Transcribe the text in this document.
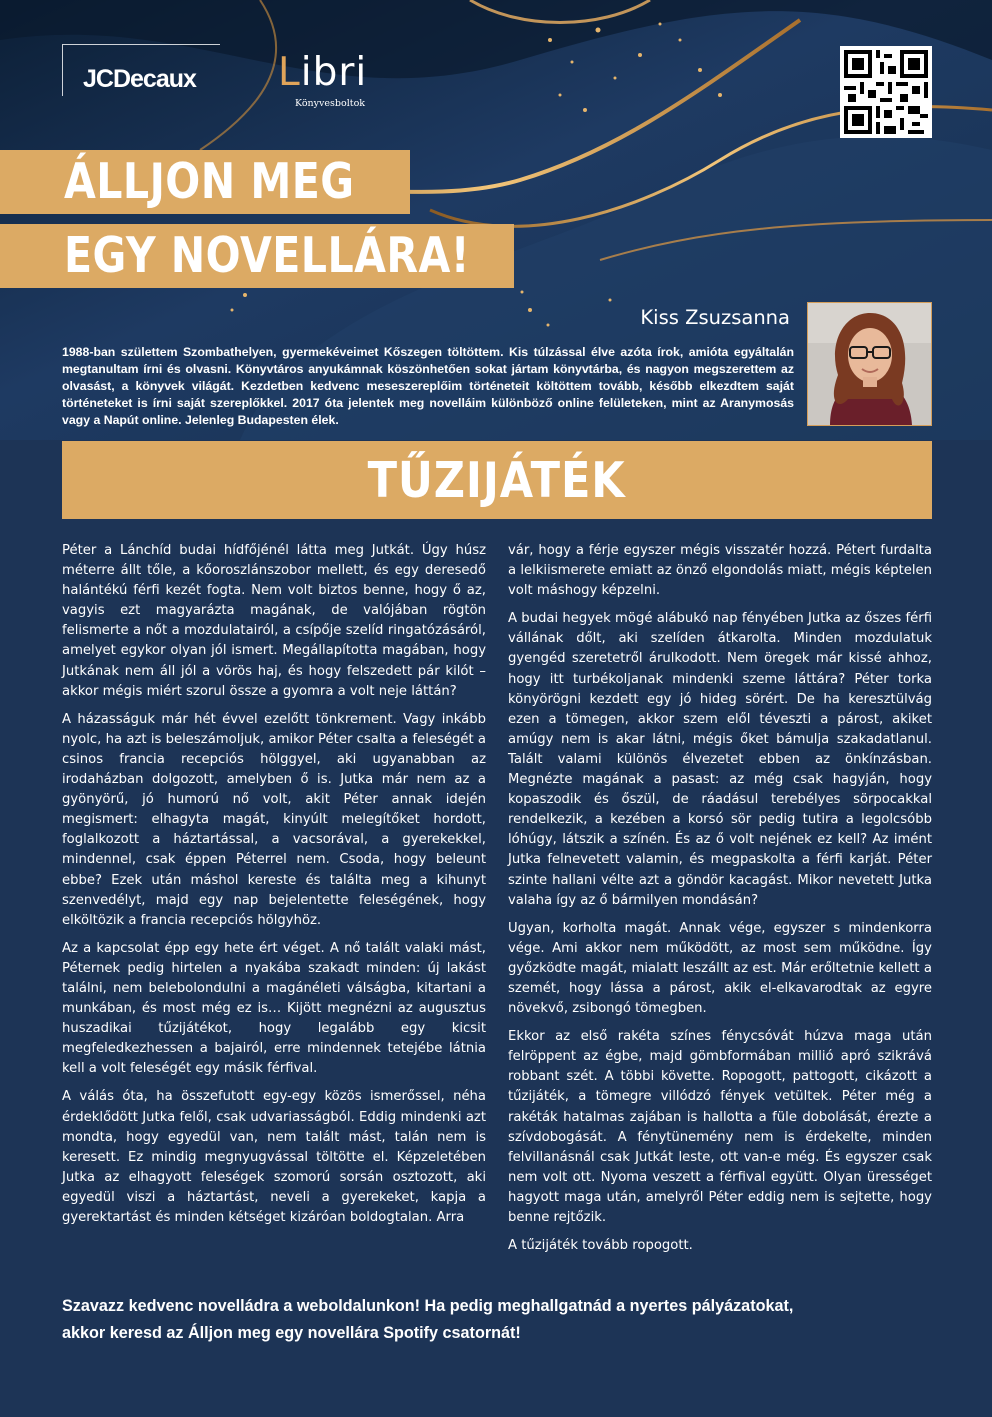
JCDecaux Libri
Könyvesboltok
ÁLLJON MEG
EGY NOVELLÁRA!
Kiss Zsuzsanna
1988-ban születtem Szombathelyen, gyermekéveimet Kőszegen töltöttem. Kis túlzással élve azóta írok, amióta egyáltalán megtanultam írni és olvasni. Könyvtáros anyukámnak köszönhetően sokat jártam könyvtárba, és nagyon megszerettem az olvasást, a könyvek világát. Kezdetben kedvenc meseszereplőim történeteit költöttem tovább, később elkezdtem saját történeteket is írni saját szereplőkkel. 2017 óta jelentek meg novelláim különböző online felületeken, mint az Aranymosás vagy a Napút online. Jelenleg Budapesten élek.
TŰZIJÁTÉK

Péter a Lánchíd budai hídfőjénél látta meg Jutkát. Úgy húsz méterre állt tőle, a kőoroszlánszobor mellett, és egy deresedő halántékú férfi kezét fogta. Nem volt biztos benne, hogy ő az, vagyis ezt magyarázta magának, de valójában rögtön felismerte a nőt a mozdulatairól, a csípője szelíd ringatózásáról, amelyet egykor olyan jól ismert. Megállapította magában, hogy Jutkának nem áll jól a vörös haj, és hogy felszedett pár kilót – akkor mégis miért szorul össze a gyomra a volt neje láttán?

A házasságuk már hét évvel ezelőtt tönkrement. Vagy inkább nyolc, ha azt is beleszámoljuk, amikor Péter csalta a feleségét a csinos francia recepciós hölggyel, aki ugyanabban az irodaházban dolgozott, amelyben ő is. Jutka már nem az a gyönyörű, jó humorú nő volt, akit Péter annak idején megismert: elhagyta magát, kinyúlt melegítőket hordott, foglalkozott a háztartással, a vacsorával, a gyerekekkel, mindennel, csak éppen Péterrel nem. Csoda, hogy beleunt ebbe? Ezek után máshol kereste és találta meg a kihunyt szenvedélyt, majd egy nap bejelentette feleségének, hogy elköltözik a francia recepciós hölgyhöz.

Az a kapcsolat épp egy hete ért véget. A nő talált valaki mást, Péternek pedig hirtelen a nyakába szakadt minden: új lakást találni, nem belebolondulni a magánéleti válságba, kitartani a munkában, és most még ez is… Kijött megnézni az augusztus huszadikai tűzijátékot, hogy legalább egy kicsit megfeledkezhessen a bajairól, erre mindennek tetejébe látnia kell a volt feleségét egy másik férfival.

A válás óta, ha összefutott egy-egy közös ismerőssel, néha érdeklődött Jutka felől, csak udvariasságból. Eddig mindenki azt mondta, hogy egyedül van, nem talált mást, talán nem is keresett. Ez mindig megnyugvással töltötte el. Képzeletében Jutka az elhagyott feleségek szomorú sorsán osztozott, aki egyedül viszi a háztartást, neveli a gyerekeket, kapja a gyerektartást és minden kétséget kizáróan boldogtalan. Arra

vár, hogy a férje egyszer mégis visszatér hozzá. Pétert furdalta a lelkiismerete emiatt az önző elgondolás miatt, mégis képtelen volt máshogy képzelni.

A budai hegyek mögé alábukó nap fényében Jutka az őszes férfi vállának dőlt, aki szelíden átkarolta. Minden mozdulatuk gyengéd szeretetről árulkodott. Nem öregek már kissé ahhoz, hogy itt turbékoljanak mindenki szeme láttára? Péter torka könyörögni kezdett egy jó hideg sörért. De ha keresztülvág ezen a tömegen, akkor szem elől téveszti a párost, akiket amúgy nem is akar látni, mégis őket bámulja szakadatlanul. Talált valami különös élvezetet ebben az önkínzásban. Megnézte magának a pasast: az még csak hagyján, hogy kopaszodik és őszül, de ráadásul terebélyes sörpocakkal rendelkezik, a kezében a korsó sör pedig tutira a legolcsóbb lóhúgy, látszik a színén. És az ő volt nejének ez kell? Az imént Jutka felnevetett valamin, és megpaskolta a férfi karját. Péter szinte hallani vélte azt a göndör kacagást. Mikor nevetett Jutka valaha így az ő bármilyen mondásán?

Ugyan, korholta magát. Annak vége, egyszer s mindenkorra vége. Ami akkor nem működött, az most sem működne. Így győzködte magát, mialatt leszállt az est. Már erőltetnie kellett a szemét, hogy lássa a párost, akik el-elkavarodtak az egyre növekvő, zsibongó tömegben.

Ekkor az első rakéta színes fénycsóvát húzva maga után felröppent az égbe, majd gömbformában millió apró szikrává robbant szét. A többi követte. Ropogott, pattogott, cikázott a tűzijáték, a tömegre villódzó fények vetültek. Péter még a rakéták hatalmas zajában is hallotta a füle dobolását, érezte a szívdobogását. A fénytünemény nem is érdekelte, minden felvillanásnál csak Jutkát leste, ott van-e még. És egyszer csak nem volt ott. Nyoma veszett a férfival együtt. Olyan ürességet hagyott maga után, amelyről Péter eddig nem is sejtette, hogy benne rejtőzik.

A tűzijáték tovább ropogott.

Szavazz kedvenc novelládra a weboldalunkon! Ha pedig meghallgatnád a nyertes pályázatokat,
akkor keresd az Álljon meg egy novellára Spotify csatornát!
